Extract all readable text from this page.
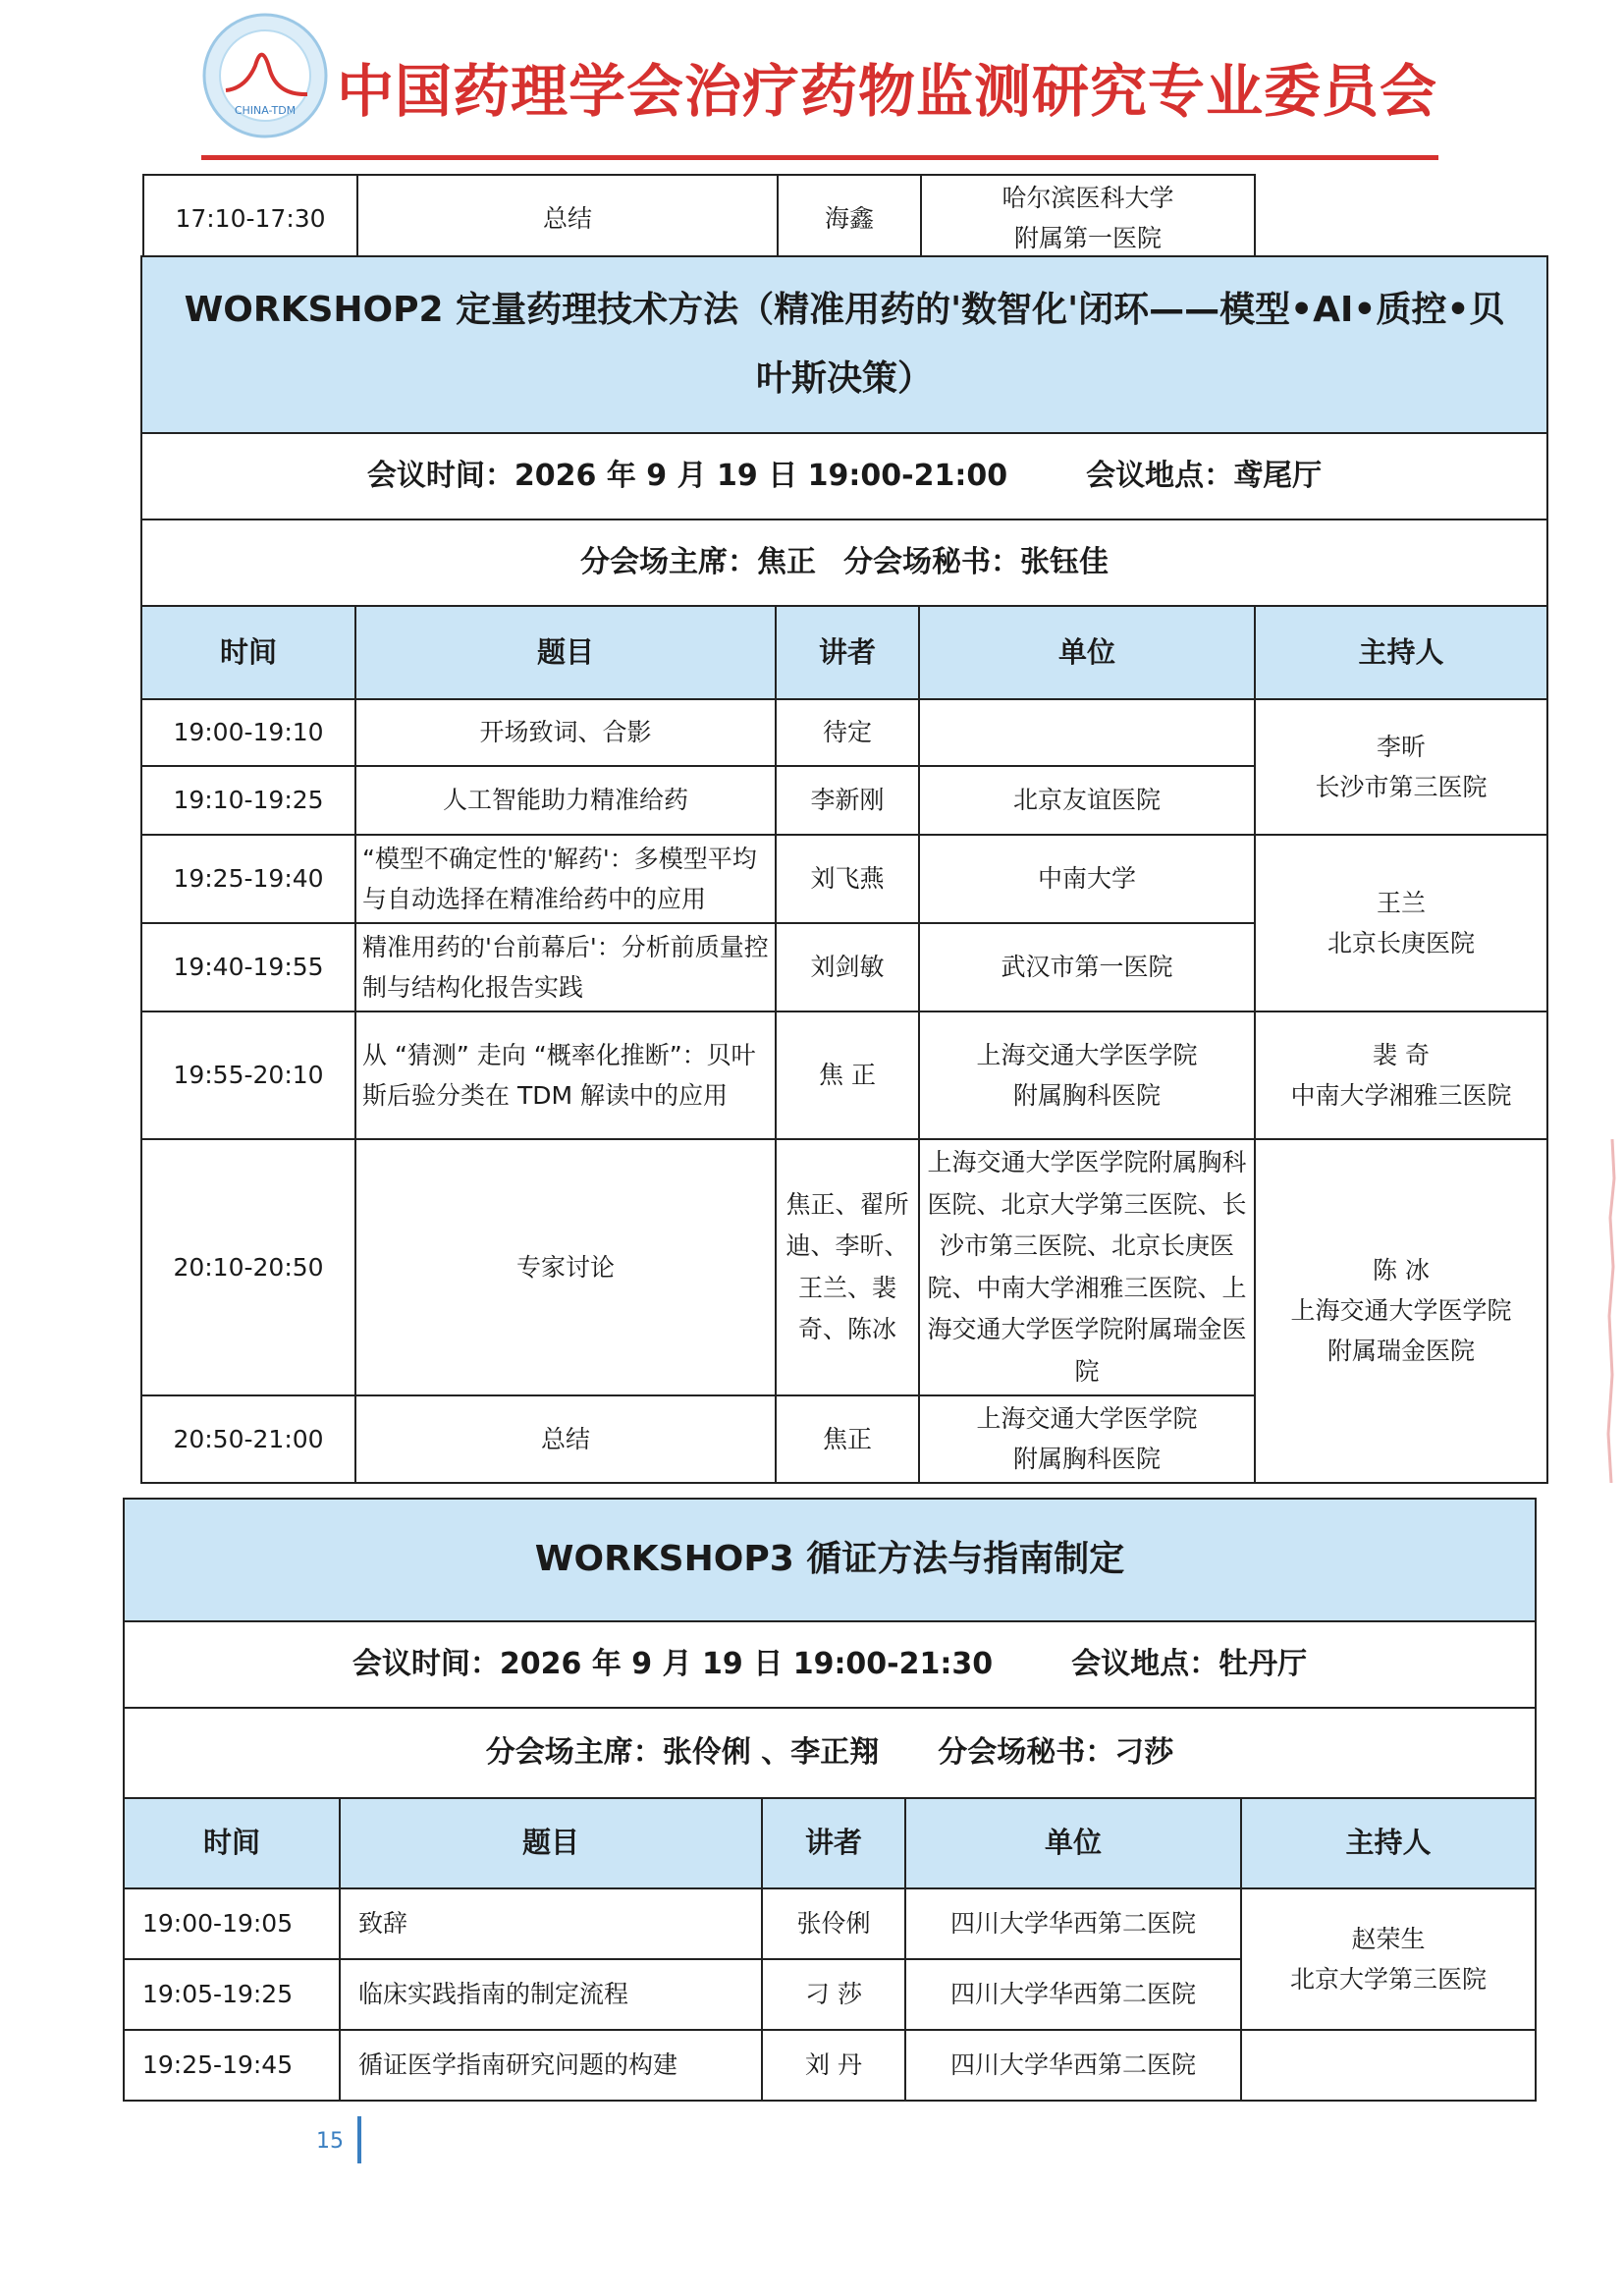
CHINA-TDM 中国药理学会治疗药物监测研究专业委员会
17:10-17:30	总结	海鑫	哈尔滨医科大学
附属第一医院	
WORKSHOP2 定量药理技术方法（精准用药的'数智化'闭环——模型•AI•质控•贝叶斯决策）				
会议时间：2026 年 9 月 19 日 19:00-21:00 会议地点：鸢尾厅				
分会场主席：焦正 分会场秘书：张钰佳				
时间	题目	讲者	单位	主持人
19:00-19:10	开场致词、合影	待定		李昕
长沙市第三医院
19:10-19:25	人工智能助力精准给药	李新刚	北京友谊医院	
19:25-19:40	“模型不确定性的'解药'：多模型平均与自动选择在精准给药中的应用	刘飞燕	中南大学	王兰
北京长庚医院
19:40-19:55	精准用药的'台前幕后'：分析前质量控制与结构化报告实践	刘剑敏	武汉市第一医院	
19:55-20:10	从 “猜测” 走向 “概率化推断”：贝叶斯后验分类在 TDM 解读中的应用	焦 正	上海交通大学医学院
附属胸科医院	裴 奇
中南大学湘雅三医院
20:10-20:50	专家讨论	焦正、翟所迪、李昕、王兰、裴奇、陈冰	上海交通大学医学院附属胸科医院、北京大学第三医院、长沙市第三医院、北京长庚医院、中南大学湘雅三医院、上海交通大学医学院附属瑞金医院	陈 冰
上海交通大学医学院
附属瑞金医院
20:50-21:00	总结	焦正	上海交通大学医学院
附属胸科医院	
WORKSHOP3 循证方法与指南制定				
会议时间：2026 年 9 月 19 日 19:00-21:30 会议地点：牡丹厅				
分会场主席：张伶俐 、李正翔 分会场秘书：刁莎				
时间	题目	讲者	单位	主持人
19:00-19:05	致辞	张伶俐	四川大学华西第二医院	赵荣生
北京大学第三医院
19:05-19:25	临床实践指南的制定流程	刁 莎	四川大学华西第二医院	
19:25-19:45	循证医学指南研究问题的构建	刘 丹	四川大学华西第二医院	
15
